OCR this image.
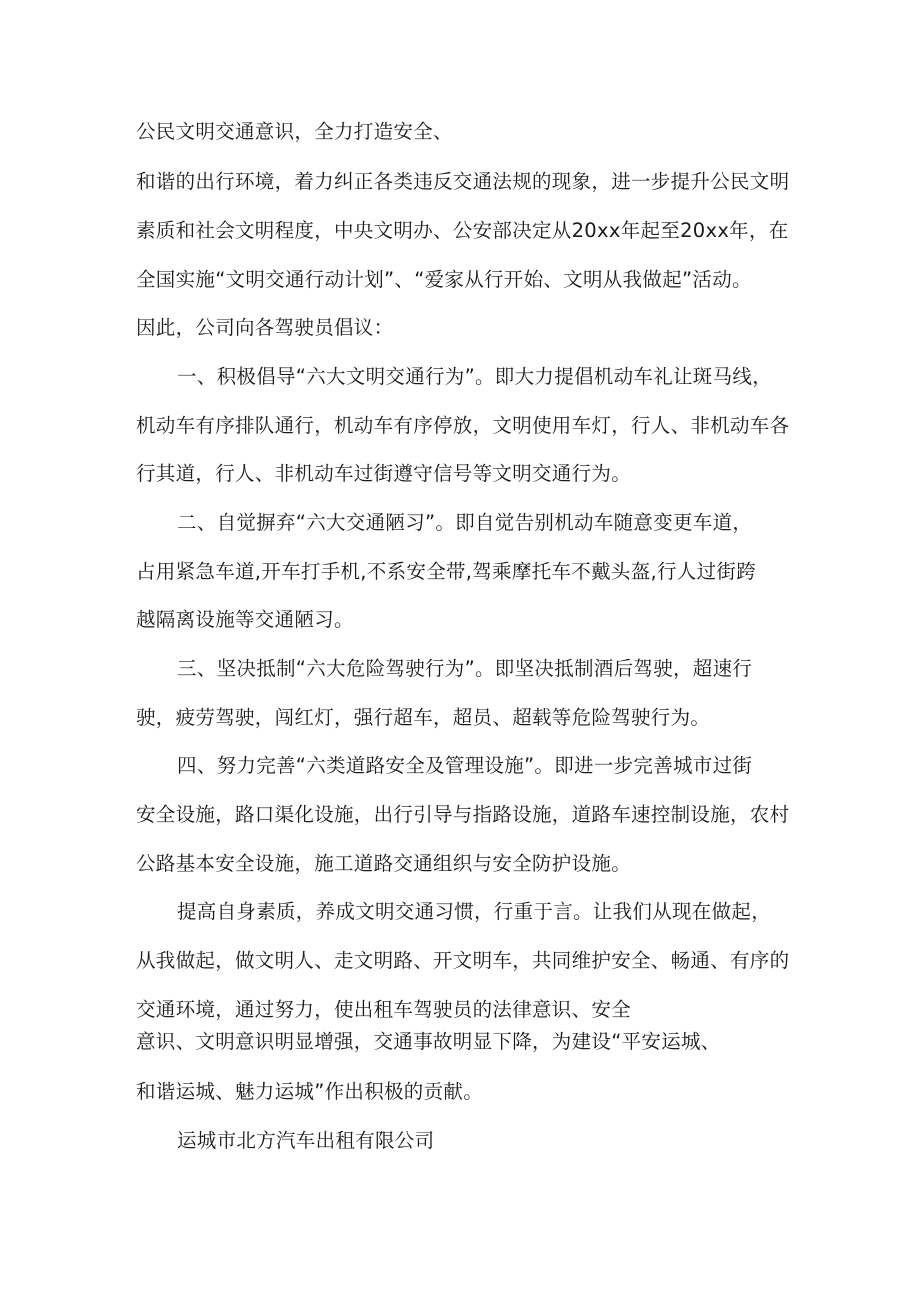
公民文明交通意识，全力打造安全、
和谐的出行环境，着力纠正各类违反交通法规的现象，进一步提升公民文明
素质和社会文明程度，中央文明办、公安部决定从20xx年起至20xx年，在
全国实施“文明交通行动计划”、“爱家从行开始、文明从我做起”活动。
因此，公司向各驾驶员倡议：
一、积极倡导“六大文明交通行为”。即大力提倡机动车礼让斑马线，
机动车有序排队通行，机动车有序停放，文明使用车灯，行人、非机动车各
行其道，行人、非机动车过街遵守信号等文明交通行为。
二、自觉摒弃“六大交通陋习”。即自觉告别机动车随意变更车道，
占用紧急车道,开车打手机,不系安全带,驾乘摩托车不戴头盔,行人过街跨
越隔离设施等交通陋习。
三、坚决抵制“六大危险驾驶行为”。即坚决抵制酒后驾驶，超速行
驶，疲劳驾驶，闯红灯，强行超车，超员、超载等危险驾驶行为。
四、努力完善“六类道路安全及管理设施”。即进一步完善城市过街
安全设施，路口渠化设施，出行引导与指路设施，道路车速控制设施，农村
公路基本安全设施，施工道路交通组织与安全防护设施。
提高自身素质，养成文明交通习惯，行重于言。让我们从现在做起，
从我做起，做文明人、走文明路、开文明车，共同维护安全、畅通、有序的
交通环境，通过努力，使出租车驾驶员的法律意识、安全
意识、文明意识明显增强，交通事故明显下降，为建设“平安运城、
和谐运城、魅力运城”作出积极的贡献。
运城市北方汽车出租有限公司
